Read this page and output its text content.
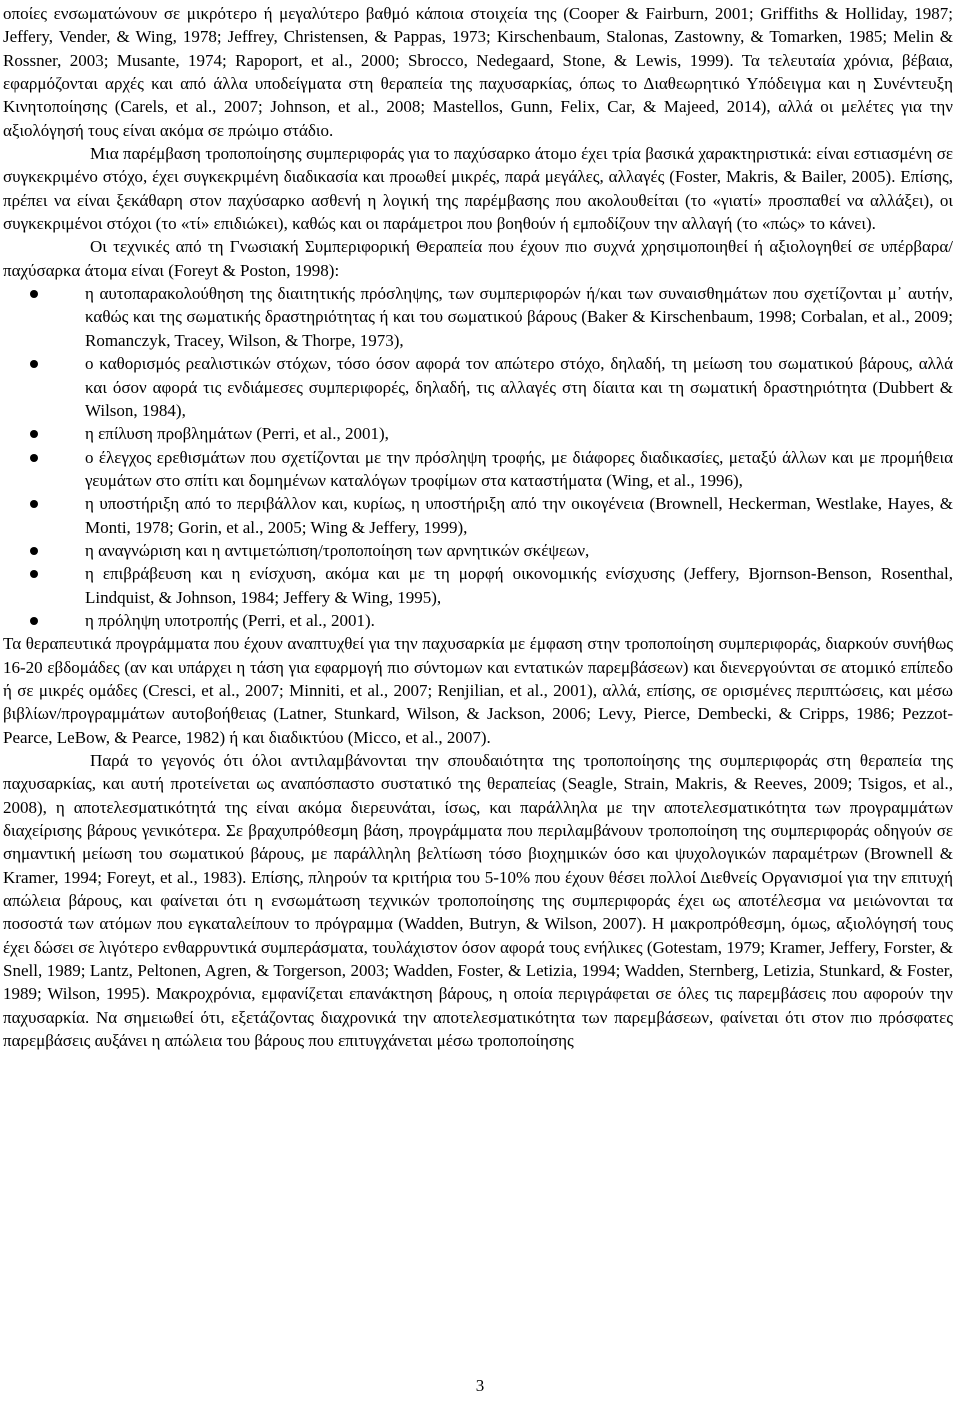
οποίες ενσωματώνουν σε μικρότερο ή μεγαλύτερο βαθμό κάποια στοιχεία της (Cooper & Fairburn, 2001; Griffiths & Holliday, 1987; Jeffery, Vender, & Wing, 1978; Jeffrey, Christensen, & Pappas, 1973; Kirschenbaum, Stalonas, Zastowny, & Tomarken, 1985; Melin & Rossner, 2003; Musante, 1974; Rapoport, et al., 2000; Sbrocco, Nedegaard, Stone, & Lewis, 1999). Τα τελευταία χρόνια, βέβαια, εφαρμόζονται αρχές και από άλλα υποδείγματα στη θεραπεία της παχυσαρκίας, όπως το Διαθεωρητικό Υπόδειγμα και η Συνέντευξη Κινητοποίησης (Carels, et al., 2007; Johnson, et al., 2008; Mastellos, Gunn, Felix, Car, & Majeed, 2014), αλλά οι μελέτες για την αξιολόγησή τους είναι ακόμα σε πρώιμο στάδιο.

Μια παρέμβαση τροποποίησης συμπεριφοράς για το παχύσαρκο άτομο έχει τρία βασικά χαρακτηριστικά: είναι εστιασμένη σε συγκεκριμένο στόχο, έχει συγκεκριμένη διαδικασία και προωθεί μικρές, παρά μεγάλες, αλλαγές (Foster, Makris, & Bailer, 2005). Επίσης, πρέπει να είναι ξεκάθαρη στον παχύσαρκο ασθενή η λογική της παρέμβασης που ακολουθείται (το «γιατί» προσπαθεί να αλλάξει), οι συγκεκριμένοι στόχοι (το «τί» επιδιώκει), καθώς και οι παράμετροι που βοηθούν ή εμποδίζουν την αλλαγή (το «πώς» το κάνει).

Οι τεχνικές από τη Γνωσιακή Συμπεριφορική Θεραπεία που έχουν πιο συχνά χρησιμοποιηθεί ή αξιολογηθεί σε υπέρβαρα/παχύσαρκα άτομα είναι (Foreyt & Poston, 1998):

η αυτοπαρακολούθηση της διαιτητικής πρόσληψης, των συμπεριφορών ή/και των συναισθημάτων που σχετίζονται μ᾽ αυτήν, καθώς και της σωματικής δραστηριότητας ή και του σωματικού βάρους (Baker & Kirschenbaum, 1998; Corbalan, et al., 2009; Romanczyk, Tracey, Wilson, & Thorpe, 1973),
ο καθορισμός ρεαλιστικών στόχων, τόσο όσον αφορά τον απώτερο στόχο, δηλαδή, τη μείωση του σωματικού βάρους, αλλά και όσον αφορά τις ενδιάμεσες συμπεριφορές, δηλαδή, τις αλλαγές στη δίαιτα και τη σωματική δραστηριότητα (Dubbert & Wilson, 1984),
η επίλυση προβλημάτων (Perri, et al., 2001),
ο έλεγχος ερεθισμάτων που σχετίζονται με την πρόσληψη τροφής, με διάφορες διαδικασίες, μεταξύ άλλων και με προμήθεια γευμάτων στο σπίτι και δομημένων καταλόγων τροφίμων στα καταστήματα (Wing, et al., 1996),
η υποστήριξη από το περιβάλλον και, κυρίως, η υποστήριξη από την οικογένεια (Brownell, Heckerman, Westlake, Hayes, & Monti, 1978; Gorin, et al., 2005; Wing & Jeffery, 1999),
η αναγνώριση και η αντιμετώπιση/τροποποίηση των αρνητικών σκέψεων,
η επιβράβευση και η ενίσχυση, ακόμα και με τη μορφή οικονομικής ενίσχυσης (Jeffery, Bjornson-Benson, Rosenthal, Lindquist, & Johnson, 1984; Jeffery & Wing, 1995),
η πρόληψη υποτροπής (Perri, et al., 2001).

Τα θεραπευτικά προγράμματα που έχουν αναπτυχθεί για την παχυσαρκία με έμφαση στην τροποποίηση συμπεριφοράς, διαρκούν συνήθως 16-20 εβδομάδες (αν και υπάρχει η τάση για εφαρμογή πιο σύντομων και εντατικών παρεμβάσεων) και διενεργούνται σε ατομικό επίπεδο ή σε μικρές ομάδες (Cresci, et al., 2007; Minniti, et al., 2007; Renjilian, et al., 2001), αλλά, επίσης, σε ορισμένες περιπτώσεις, και μέσω βιβλίων/προγραμμάτων αυτοβοήθειας (Latner, Stunkard, Wilson, & Jackson, 2006; Levy, Pierce, Dembecki, & Cripps, 1986; Pezzot-Pearce, LeBow, & Pearce, 1982) ή και διαδικτύου (Micco, et al., 2007).

Παρά το γεγονός ότι όλοι αντιλαμβάνονται την σπουδαιότητα της τροποποίησης της συμπεριφοράς στη θεραπεία της παχυσαρκίας, και αυτή προτείνεται ως αναπόσπαστο συστατικό της θεραπείας (Seagle, Strain, Makris, & Reeves, 2009; Tsigos, et al., 2008), η αποτελεσματικότητά της είναι ακόμα διερευνάται, ίσως, και παράλληλα με την αποτελεσματικότητα των προγραμμάτων διαχείρισης βάρους γενικότερα. Σε βραχυπρόθεσμη βάση, προγράμματα που περιλαμβάνουν τροποποίηση της συμπεριφοράς οδηγούν σε σημαντική μείωση του σωματικού βάρους, με παράλληλη βελτίωση τόσο βιοχημικών όσο και ψυχολογικών παραμέτρων (Brownell & Kramer, 1994; Foreyt, et al., 1983). Επίσης, πληρούν τα κριτήρια του 5-10% που έχουν θέσει πολλοί Διεθνείς Οργανισμοί για την επιτυχή απώλεια βάρους, και φαίνεται ότι η ενσωμάτωση τεχνικών τροποποίησης της συμπεριφοράς έχει ως αποτέλεσμα να μειώνονται τα ποσοστά των ατόμων που εγκαταλείπουν το πρόγραμμα (Wadden, Butryn, & Wilson, 2007). Η μακροπρόθεσμη, όμως, αξιολόγησή τους έχει δώσει σε λιγότερο ενθαρρυντικά συμπεράσματα, τουλάχιστον όσον αφορά τους ενήλικες (Gotestam, 1979; Kramer, Jeffery, Forster, & Snell, 1989; Lantz, Peltonen, Agren, & Torgerson, 2003; Wadden, Foster, & Letizia, 1994; Wadden, Sternberg, Letizia, Stunkard, & Foster, 1989; Wilson, 1995). Μακροχρόνια, εμφανίζεται επανάκτηση βάρους, η οποία περιγράφεται σε όλες τις παρεμβάσεις που αφορούν την παχυσαρκία. Να σημειωθεί ότι, εξετάζοντας διαχρονικά την αποτελεσματικότητα των παρεμβάσεων, φαίνεται ότι στον πιο πρόσφατες παρεμβάσεις αυξάνει η απώλεια του βάρους που επιτυγχάνεται μέσω τροποποίησης

3
